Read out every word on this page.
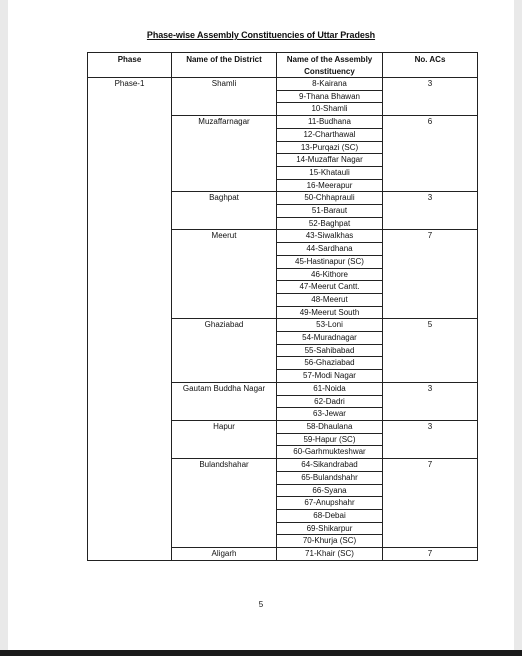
Phase-wise Assembly Constituencies of Uttar Pradesh
Phase	Name of the District	Name of the Assembly Constituency	No. ACs
Phase-1	Shamli	8-Kairana	3
		9-Thana Bhawan	
		10-Shamli	
	Muzaffarnagar	11-Budhana	6
		12-Charthawal	
		13-Purqazi (SC)	
		14-Muzaffar Nagar	
		15-Khatauli	
		16-Meerapur	
	Baghpat	50-Chhaprauli	3
		51-Baraut	
		52-Baghpat	
	Meerut	43-Siwalkhas	7
		44-Sardhana	
		45-Hastinapur (SC)	
		46-Kithore	
		47-Meerut Cantt.	
		48-Meerut	
		49-Meerut South	
	Ghaziabad	53-Loni	5
		54-Muradnagar	
		55-Sahibabad	
		56-Ghaziabad	
		57-Modi Nagar	
	Gautam Buddha Nagar	61-Noida	3
		62-Dadri	
		63-Jewar	
	Hapur	58-Dhaulana	3
		59-Hapur (SC)	
		60-Garhmukteshwar	
	Bulandshahar	64-Sikandrabad	7
		65-Bulandshahr	
		66-Syana	
		67-Anupshahr	
		68-Debai	
		69-Shikarpur	
		70-Khurja (SC)	
	Aligarh	71-Khair (SC)	7
5
